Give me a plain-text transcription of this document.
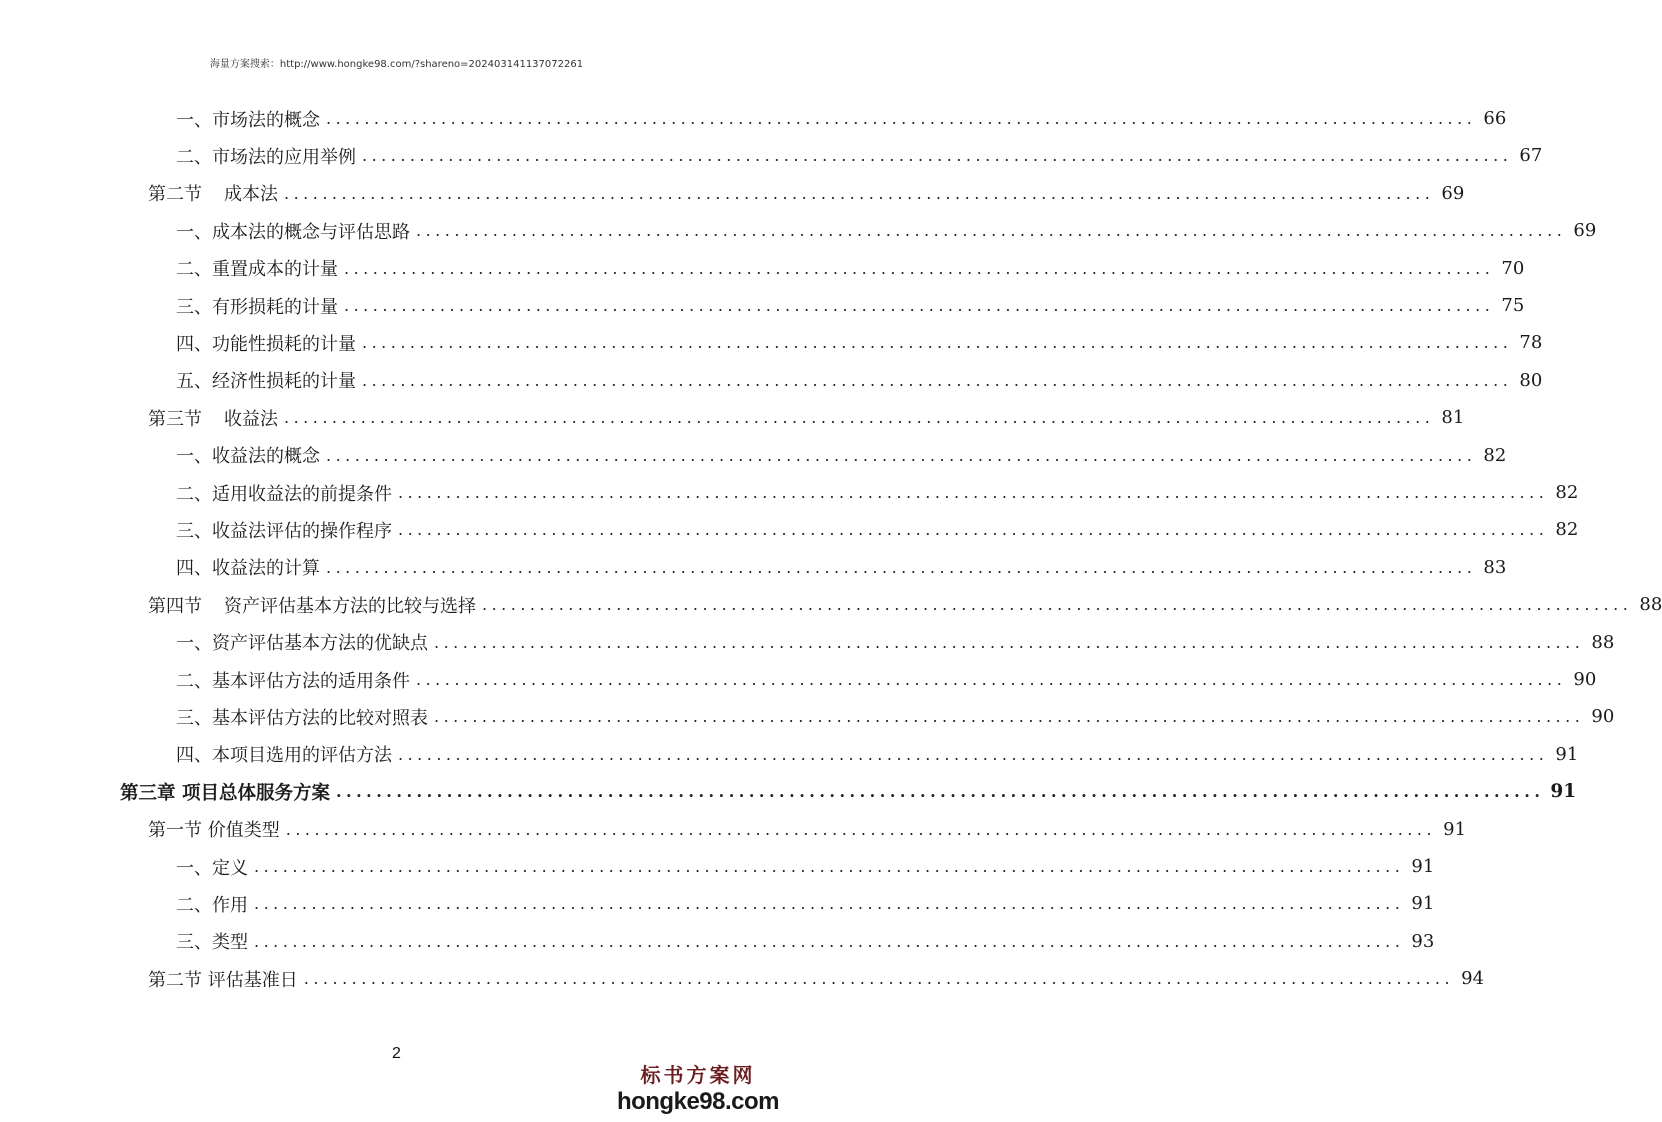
海量方案搜索：http://www.hongke98.com/?shareno=20240314113707226​1
一、市场法的概念 ........................................................................................................................ 66
二、市场法的应用举例 ........................................................................................................................ 67
第二节 成本法 ........................................................................................................................ 69
一、成本法的概念与评估思路 ........................................................................................................................ 69
二、重置成本的计量 ........................................................................................................................ 70
三、有形损耗的计量 ........................................................................................................................ 75
四、功能性损耗的计量 ........................................................................................................................ 78
五、经济性损耗的计量 ........................................................................................................................ 80
第三节 收益法 ........................................................................................................................ 81
一、收益法的概念 ........................................................................................................................ 82
二、适用收益法的前提条件 ........................................................................................................................ 82
三、收益法评估的操作程序 ........................................................................................................................ 82
四、收益法的计算 ........................................................................................................................ 83
第四节 资产评估基本方法的比较与选择 ........................................................................................................................ 88
一、资产评估基本方法的优缺点 ........................................................................................................................ 88
二、基本评估方法的适用条件 ........................................................................................................................ 90
三、基本评估方法的比较对照表 ........................................................................................................................ 90
四、本项目选用的评估方法 ........................................................................................................................ 91
第三章 项目总体服务方案 ........................................................................................................................ 91
第一节 价值类型 ........................................................................................................................ 91
一、定义 ........................................................................................................................ 91
二、作用 ........................................................................................................................ 91
三、类型 ........................................................................................................................ 93
第二节 评估基准日 ........................................................................................................................ 94
2
标书方案网
hongke98.com
